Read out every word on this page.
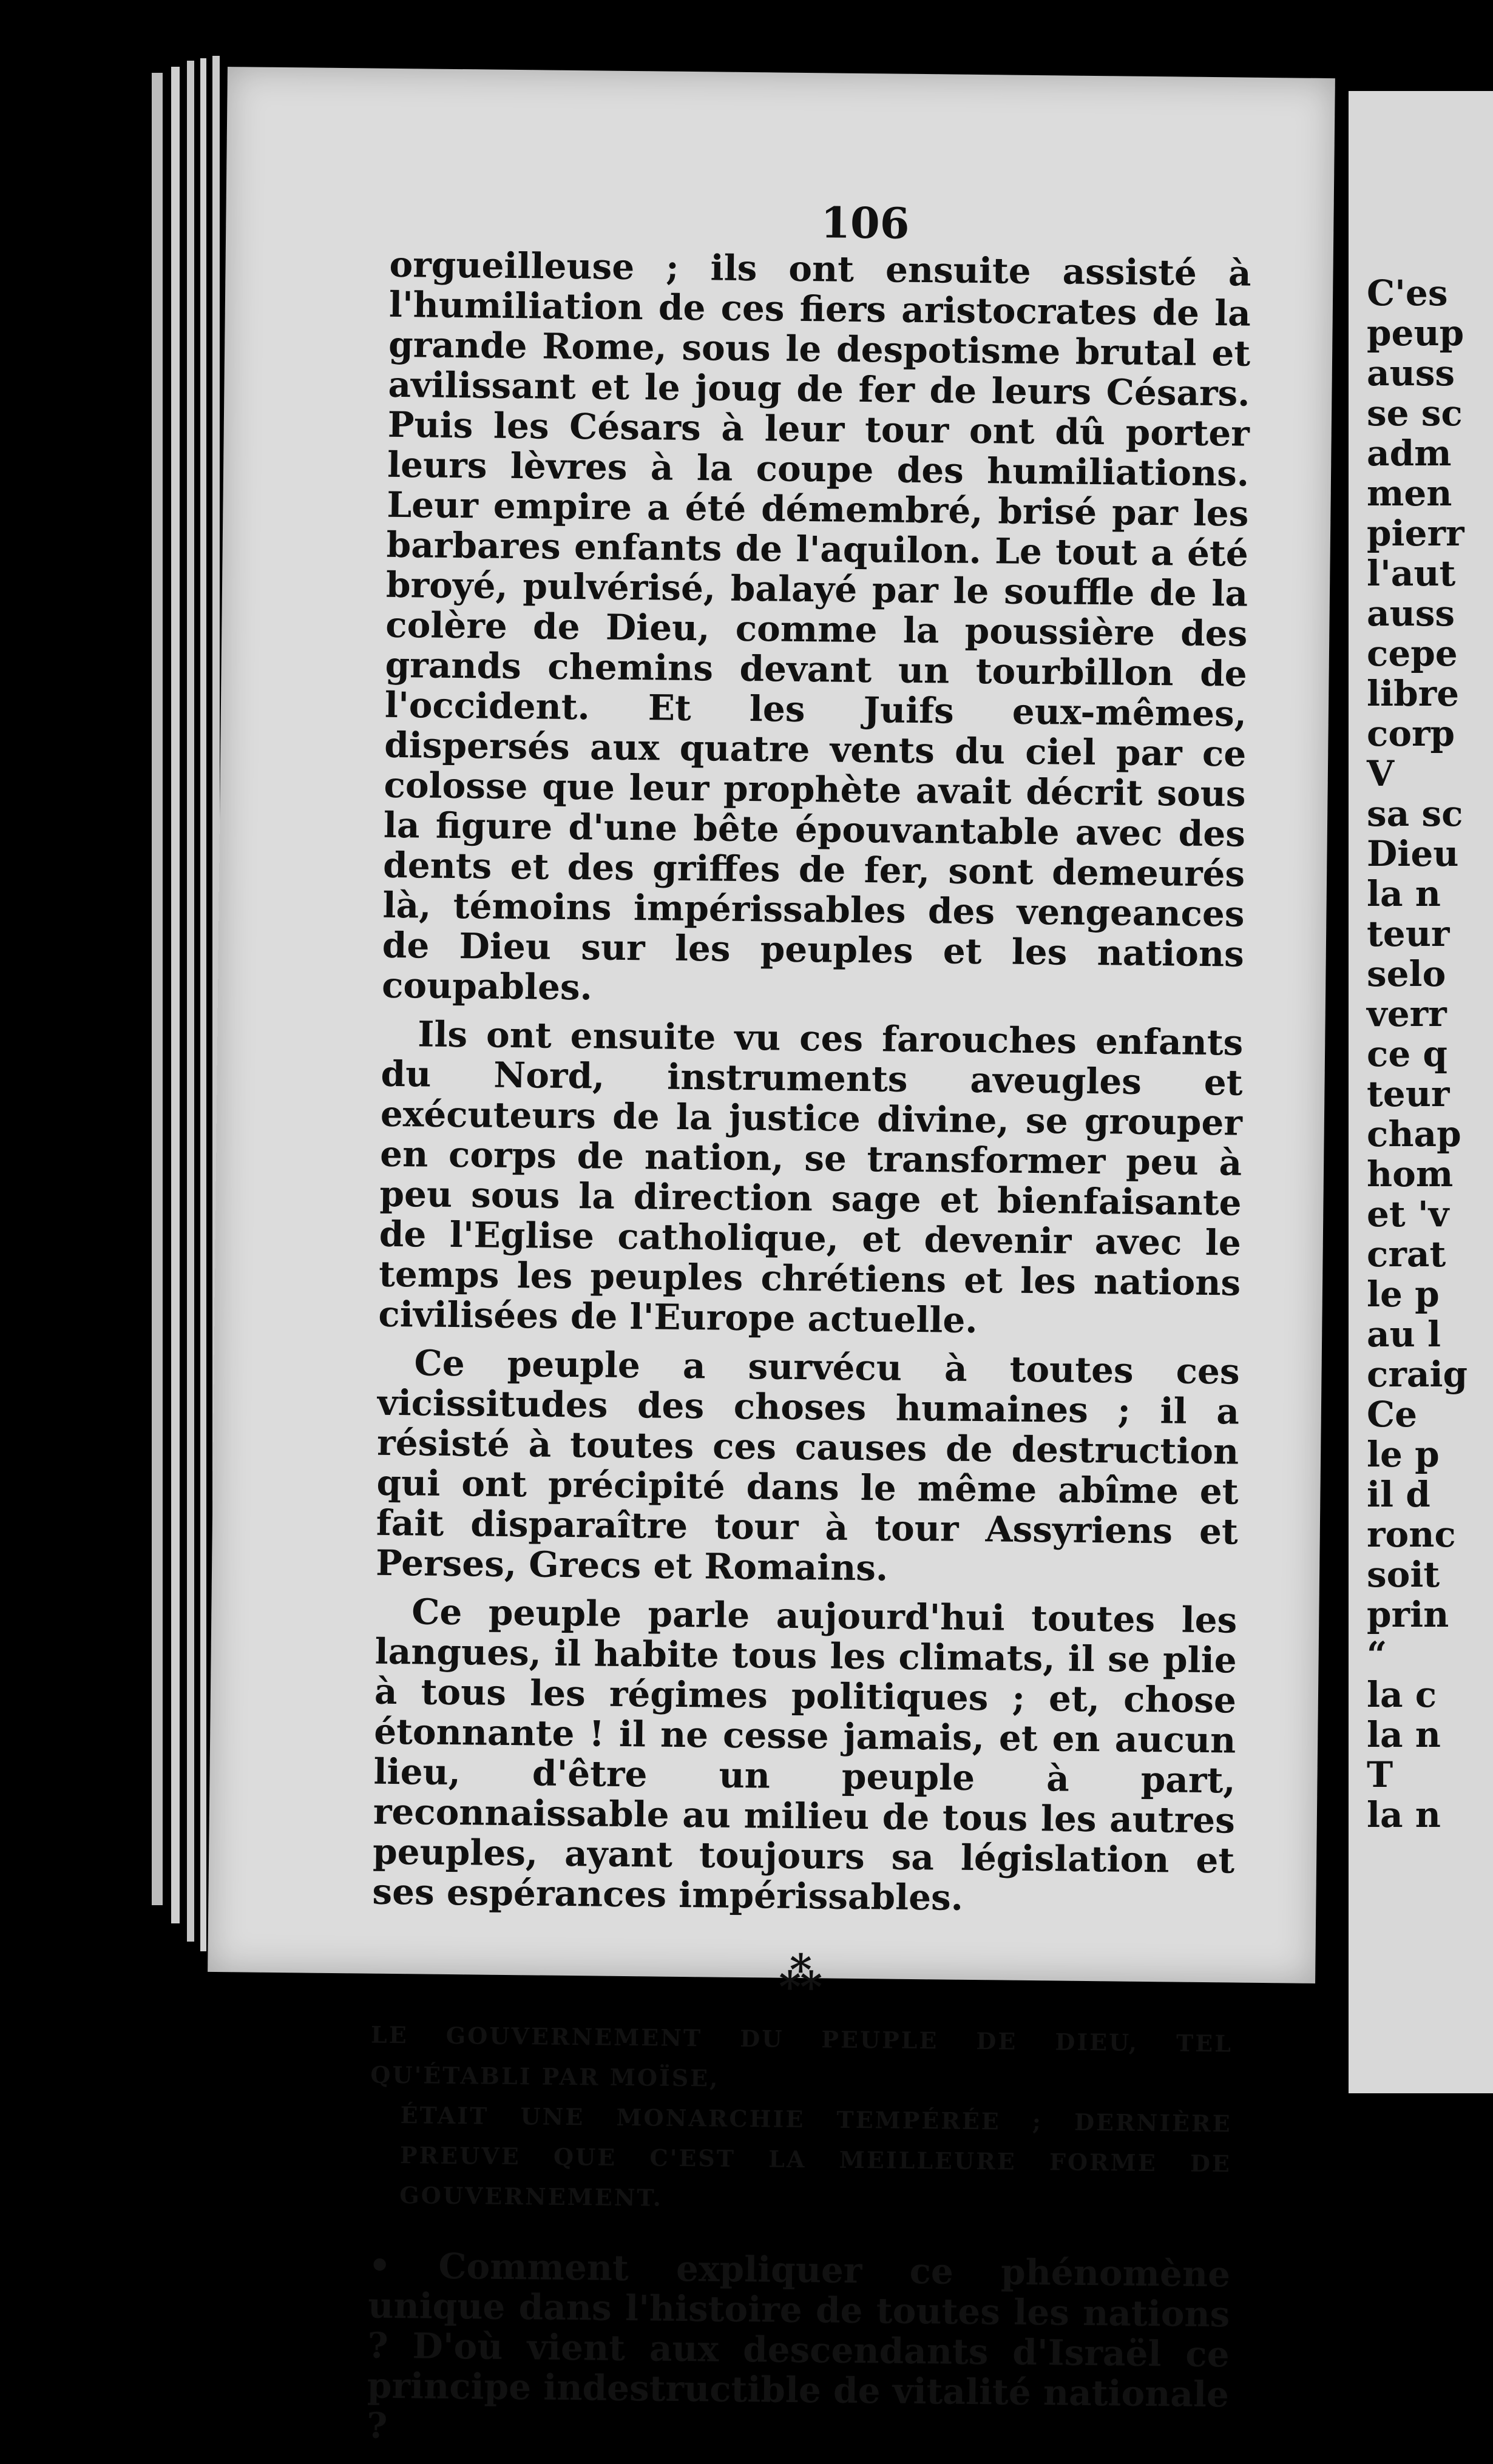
106

orgueilleuse ; ils ont ensuite assisté à l'humiliation de ces fiers aristocrates de la grande Rome, sous le despotisme brutal et avilissant et le joug de fer de leurs Césars. Puis les Césars à leur tour ont dû porter leurs lèvres à la coupe des humiliations. Leur empire a été démembré, brisé par les barbares enfants de l'aquilon. Le tout a été broyé, pulvérisé, balayé par le souffle de la colère de Dieu, comme la poussière des grands chemins devant un tourbillon de l'occident. Et les Juifs eux-mêmes, dispersés aux quatre vents du ciel par ce colosse que leur prophète avait décrit sous la figure d'une bête épouvantable avec des dents et des griffes de fer, sont demeurés là, témoins impérissables des vengeances de Dieu sur les peuples et les nations coupables.

Ils ont ensuite vu ces farouches enfants du Nord, instruments aveugles et exécuteurs de la justice divine, se grouper en corps de nation, se transformer peu à peu sous la direction sage et bienfaisante de l'Eglise catholique, et devenir avec le temps les peuples chrétiens et les nations civilisées de l'Europe actuelle.

Ce peuple a survécu à toutes ces vicissitudes des choses humaines ; il a résisté à toutes ces causes de destruction qui ont précipité dans le même abîme et fait disparaître tour à tour Assyriens et Perses, Grecs et Romains.

Ce peuple parle aujourd'hui toutes les langues, il habite tous les climats, il se plie à tous les régimes politiques ; et, chose étonnante ! il ne cesse jamais, et en aucun lieu, d'être un peuple à part, reconnaissable au milieu de tous les autres peuples, ayant toujours sa législation et ses espérances impérissables.

⁂
LE GOUVERNEMENT DU PEUPLE DE DIEU, TEL QU'ÉTABLI PAR MOÏSE,
ÉTAIT UNE MONARCHIE TEMPÉRÉE ; DERNIÈRE PREUVE QUE C'EST LA MEILLEURE FORME DE GOUVERNEMENT.

• Comment expliquer ce phénomène unique dans l'histoire de toutes les nations ? D'où vient aux descendants d'Israël ce principe indestructible de vitalité nationale ?

C'es
peup
auss
se sc
adm
men
pierr
l'aut
auss
cepe
libre
corp
V
sa sc
Dieu
la n
teur
selo
verr
ce q
teur
chap
hom
et 'v
crat
le p
au l
craig
Ce
le p
il d
ronc
soit
prin
“
la c
la n
T
la n
